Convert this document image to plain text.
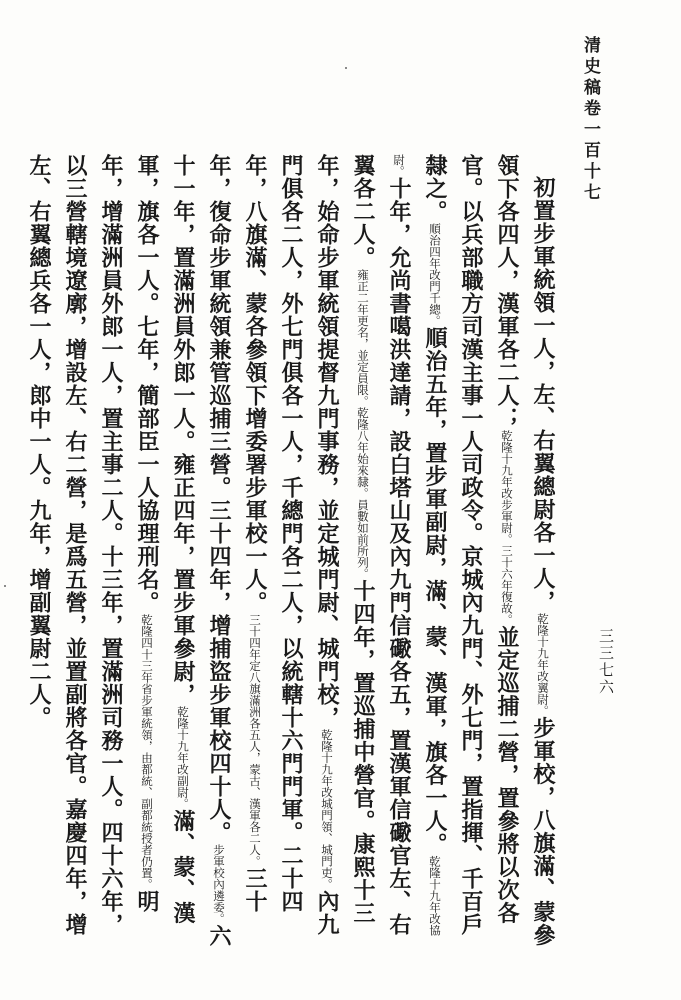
清史稿卷一百十七
三三七六
初置步軍統領一人，左、右翼總尉各一人，乾隆十九年改翼尉。步軍校，八旗滿、蒙參領下各四人，漢軍各二人；乾隆十九年改步軍尉。三十六年復故。並定巡捕二營，置參將以次各官。以兵部職方司漢主事一人司政令。京城內九門、外七門，置指揮、千百戶隸之。順治四年改門千總。順治五年，置步軍副尉，滿、蒙、漢軍，旗各一人。乾隆十九年改協尉。十年，允尚書噶洪達請，設白塔山及內九門信礮各五，置漢軍信礮官左、右翼各二人。雍正二年更名，並定員限。乾隆八年始來隸。員數如前所列。十四年，置巡捕中營官。康熙十三年，始命步軍統領提督九門事務，並定城門尉、城門校，乾隆十九年改城門領、城門吏。內九門俱各二人，外七門俱各一人，千總門各二人，以統轄十六門門軍。二十四年，八旗滿、蒙各參領下增委署步軍校一人。三十四年定八旗滿洲各五人，蒙古、漢軍各二人。三十年，復命步軍統領兼管巡捕三營。三十四年，增捕盜步軍校四十人。步軍校內遴委。六十一年，置滿洲員外郎一人。雍正四年，置步軍參尉，乾隆十九年改副尉。滿、蒙、漢軍，旗各一人。七年，簡部臣一人協理刑名。乾隆四十三年省步軍統領，由都統、副都統授者仍置。明年，增滿洲員外郎一人，置主事二人。十三年，置滿洲司務一人。四十六年，以三營轄境遼廓，增設左、右二營，是爲五營，並置副將各官。嘉慶四年，增左、右翼總兵各一人，郎中一人。九年，增副翼尉二人。
